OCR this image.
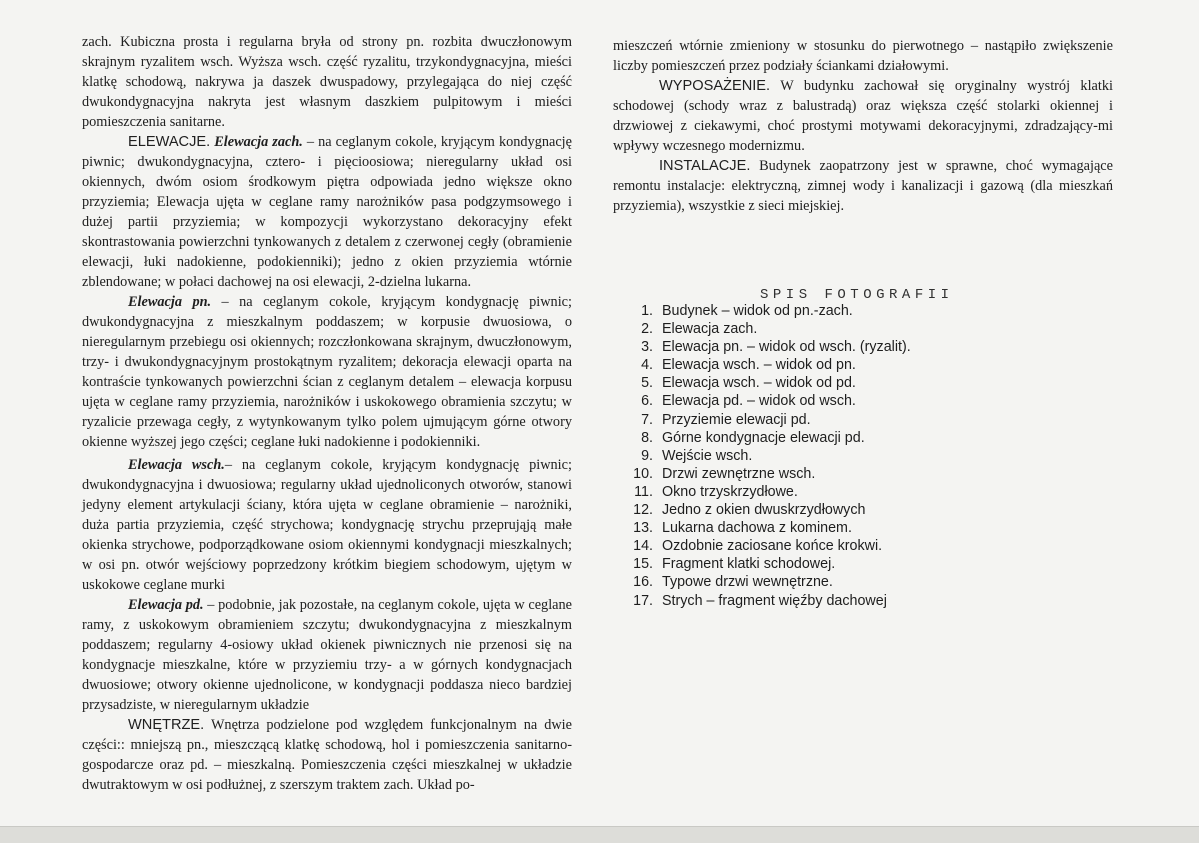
zach. Kubiczna prosta i regularna bryła od strony pn. rozbita dwuczłonowym skrajnym ryzalitem wsch. Wyższa wsch. część ryzalitu, trzykondygnacyjna, mieści klatkę schodową, nakrywa ja daszek dwuspadowy, przylegająca do niej część dwukondygnacyjna nakryta jest własnym daszkiem pulpitowym i mieści pomieszczenia sanitarne.

ELEWACJE. Elewacja zach. – na ceglanym cokole, kryjącym kondygnację piwnic; dwukondygnacyjna, cztero- i pięcioosiowa; nieregularny układ osi okiennych, dwóm osiom środkowym piętra odpowiada jedno większe okno przyziemia; Elewacja ujęta w ceglane ramy narożników pasa podgzymsowego i dużej partii przyziemia; w kompozycji wykorzystano dekoracyjny efekt skontrastowania powierzchni tynkowanych z detalem z czerwonej cegły (obramienie elewacji, łuki nadokienne, podokienniki); jedno z okien przyziemia wtórnie zblendowane; w połaci dachowej na osi elewacji, 2-dzielna lukarna.

Elewacja pn. – na ceglanym cokole, kryjącym kondygnację piwnic; dwukondygnacyjna z mieszkalnym poddaszem; w korpusie dwuosiowa, o nieregularnym przebiegu osi okiennych; rozczłonkowana skrajnym, dwuczłonowym, trzy- i dwukondygnacyjnym prostokątnym ryzalitem; dekoracja elewacji oparta na kontraście tynkowanych powierzchni ścian z ceglanym detalem – elewacja korpusu ujęta w ceglane ramy przyziemia, narożników i uskokowego obramienia szczytu; w ryzalicie przewaga cegły, z wytynkowanym tylko polem ujmującym górne otwory okienne wyższej jego części; ceglane łuki nadokienne i podokienniki.

Elewacja wsch.– na ceglanym cokole, kryjącym kondygnację piwnic; dwukondygnacyjna i dwuosiowa; regularny układ ujednoliconych otworów, stanowi jedyny element artykulacji ściany, która ujęta w ceglane obramienie – narożniki, duża partia przyziemia, część strychowa; kondygnację strychu przeprująją małe okienka strychowe, podporządkowane osiom okiennymi kondygnacji mieszkalnych; w osi pn. otwór wejściowy poprzedzony krótkim biegiem schodowym, ujętym w uskokowe ceglane murki

Elewacja pd. – podobnie, jak pozostałe, na ceglanym cokole, ujęta w ceglane ramy, z uskokowym obramieniem szczytu; dwukondygnacyjna z mieszkalnym poddaszem; regularny 4-osiowy układ okienek piwnicznych nie przenosi się na kondygnacje mieszkalne, które w przyziemiu trzy- a w górnych kondygnacjach dwuosiowe; otwory okienne ujednolicone, w kondygnacji poddasza nieco bardziej przysadziste, w nieregularnym układzie

WNĘTRZE. Wnętrza podzielone pod względem funkcjonalnym na dwie części:: mniejszą pn., mieszczącą klatkę schodową, hol i pomieszczenia sanitarno-gospodarcze oraz pd. – mieszkalną. Pomieszczenia części mieszkalnej w układzie dwutraktowym w osi podłużnej, z szerszym traktem zach. Układ po-

mieszczeń wtórnie zmieniony w stosunku do pierwotnego – nastąpiło zwiększenie liczby pomieszczeń przez podziały ściankami działowymi.

WYPOSAŻENIE. W budynku zachował się oryginalny wystrój klatki schodowej (schody wraz z balustradą) oraz większa część stolarki okiennej i drzwiowej z ciekawymi, choć prostymi motywami dekoracyjnymi, zdradzający-mi wpływy wczesnego modernizmu.

INSTALACJE. Budynek zaopatrzony jest w sprawne, choć wymagające remontu instalacje: elektryczną, zimnej wody i kanalizacji i gazową (dla mieszkań przyziemia), wszystkie z sieci miejskiej.

SPIS FOTOGRAFII
1. Budynek – widok od pn.-zach.
2. Elewacja zach.
3. Elewacja pn. – widok od wsch. (ryzalit).
4. Elewacja wsch. – widok od pn.
5. Elewacja wsch. – widok od pd.
6. Elewacja pd. – widok od wsch.
7. Przyziemie elewacji pd.
8. Górne kondygnacje elewacji pd.
9. Wejście wsch.
10. Drzwi zewnętrzne wsch.
11. Okno trzyskrzydłowe.
12. Jedno z okien dwuskrzydłowych
13. Lukarna dachowa z kominem.
14. Ozdobnie zaciosane końce krokwi.
15. Fragment klatki schodowej.
16. Typowe drzwi wewnętrzne.
17. Strych – fragment więźby dachowej
